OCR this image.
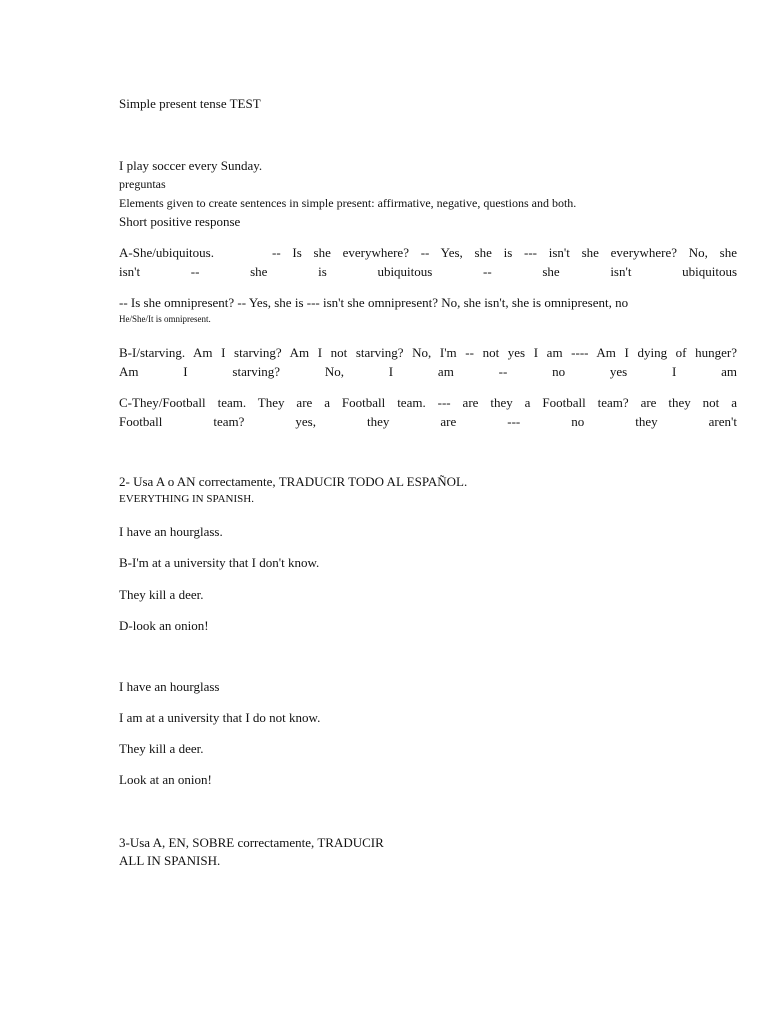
Simple present tense TEST

I play soccer every Sunday.

preguntas

Elements given to create sentences in simple present: affirmative, negative, questions and both.

Short positive response

A-She/ubiquitous.	-- Is she everywhere? -- Yes, she is --- isn't she everywhere? No, she

isn't -- she is ubiquitous -- she isn't ubiquitous

-- Is she omnipresent? -- Yes, she is --- isn't she omnipresent? No, she isn't, she is omnipresent, no

He/She/It is omnipresent.

B-I/starving. Am I starving? Am I not starving? No, I'm -- not yes I am ---- Am I dying of hunger?

Am I starving? No, I am -- no yes I am

C-They/Football team. They are a Football team. --- are they a Football team? are they not a

Football team? yes, they are --- no they aren't

2- Usa A o AN correctamente, TRADUCIR TODO AL ESPAÑOL.

EVERYTHING IN SPANISH.

I have an hourglass.

B-I'm at a university that I don't know.

They kill a deer.

D-look an onion!

I have an hourglass

I am at a university that I do not know.

They kill a deer.

Look at an onion!

3-Usa A, EN, SOBRE correctamente, TRADUCIR

ALL IN SPANISH.
